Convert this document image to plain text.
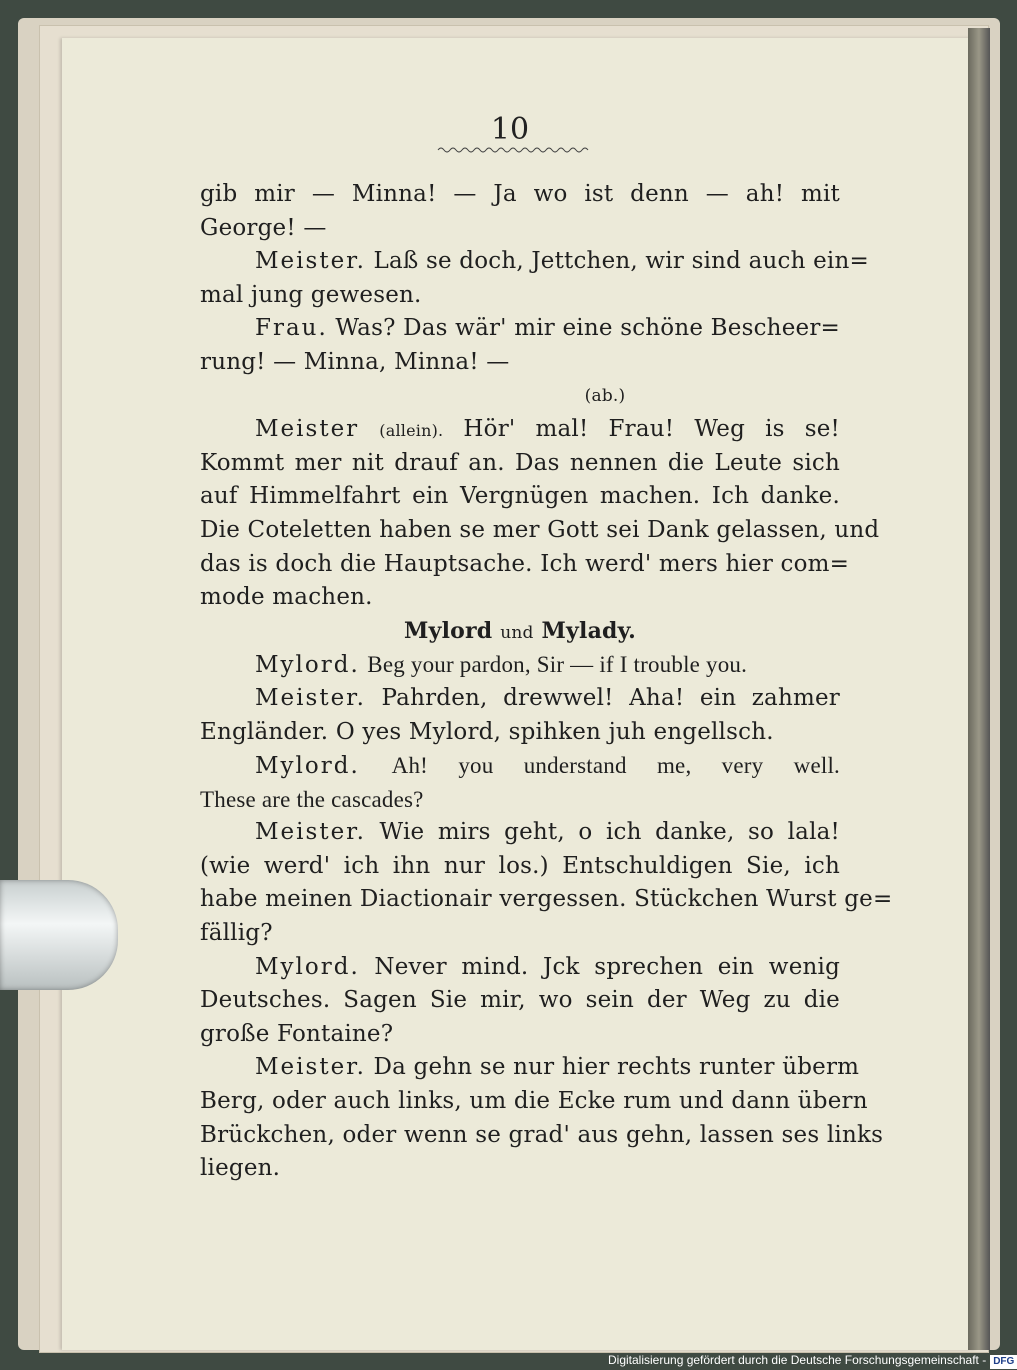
10
gib mir — Minna! — Ja wo ist denn — ah! mit
George! —
Meister. Laß se doch, Jettchen, wir sind auch ein=
mal jung gewesen.
Frau. Was? Das wär' mir eine schöne Bescheer=
rung! — Minna, Minna! —
(ab.)
Meister (allein). Hör' mal! Frau! Weg is se!
Kommt mer nit drauf an. Das nennen die Leute sich
auf Himmelfahrt ein Vergnügen machen. Ich danke.
Die Coteletten haben se mer Gott sei Dank gelassen, und
das is doch die Hauptsache. Ich werd' mers hier com=
mode machen.
Mylord und Mylady.
Mylord. Beg your pardon, Sir — if I trouble you.
Meister. Pahrden, drewwel! Aha! ein zahmer
Engländer. O yes Mylord, spihken juh engellsch.
Mylord. Ah! you understand me, very well.
These are the cascades?
Meister. Wie mirs geht, o ich danke, so lala!
(wie werd' ich ihn nur los.) Entschuldigen Sie, ich
habe meinen Diactionair vergessen. Stückchen Wurst ge=
fällig?
Mylord. Never mind. Jck sprechen ein wenig
Deutsches. Sagen Sie mir, wo sein der Weg zu die
große Fontaine?
Meister. Da gehn se nur hier rechts runter überm
Berg, oder auch links, um die Ecke rum und dann übern
Brückchen, oder wenn se grad' aus gehn, lassen ses links
liegen.
Digitalisierung gefördert durch die Deutsche Forschungsgemeinschaft - DFG
